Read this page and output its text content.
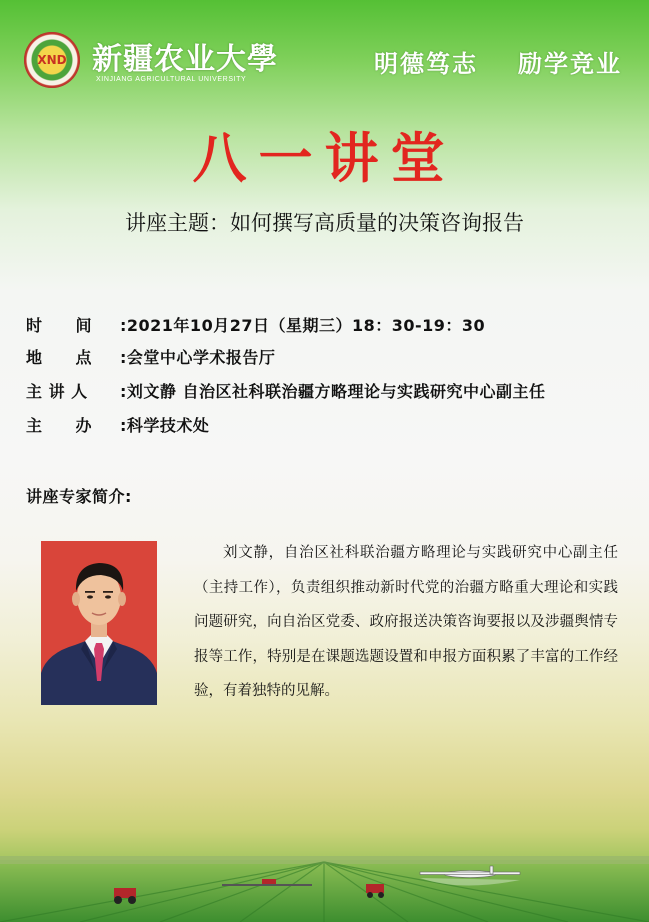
XND 新疆农业大學
XINJIANG AGRICULTURAL UNIVERSITY
明德笃志 励学竞业
八一讲堂
讲座主题：如何撰写高质量的决策咨询报告
时　　间 :2021年10月27日（星期三）18：30-19：30
地　　点 :会堂中心学术报告厅
主 讲 人 :刘文静 自治区社科联治疆方略理论与实践研究中心副主任
主　　办 :科学技术处
讲座专家简介:
刘文静，自治区社科联治疆方略理论与实践研究中心副主任（主持工作），负责组织推动新时代党的治疆方略重大理论和实践问题研究，向自治区党委、政府报送决策咨询要报以及涉疆舆情专报等工作，特别是在课题选题设置和申报方面积累了丰富的工作经验，有着独特的见解。
